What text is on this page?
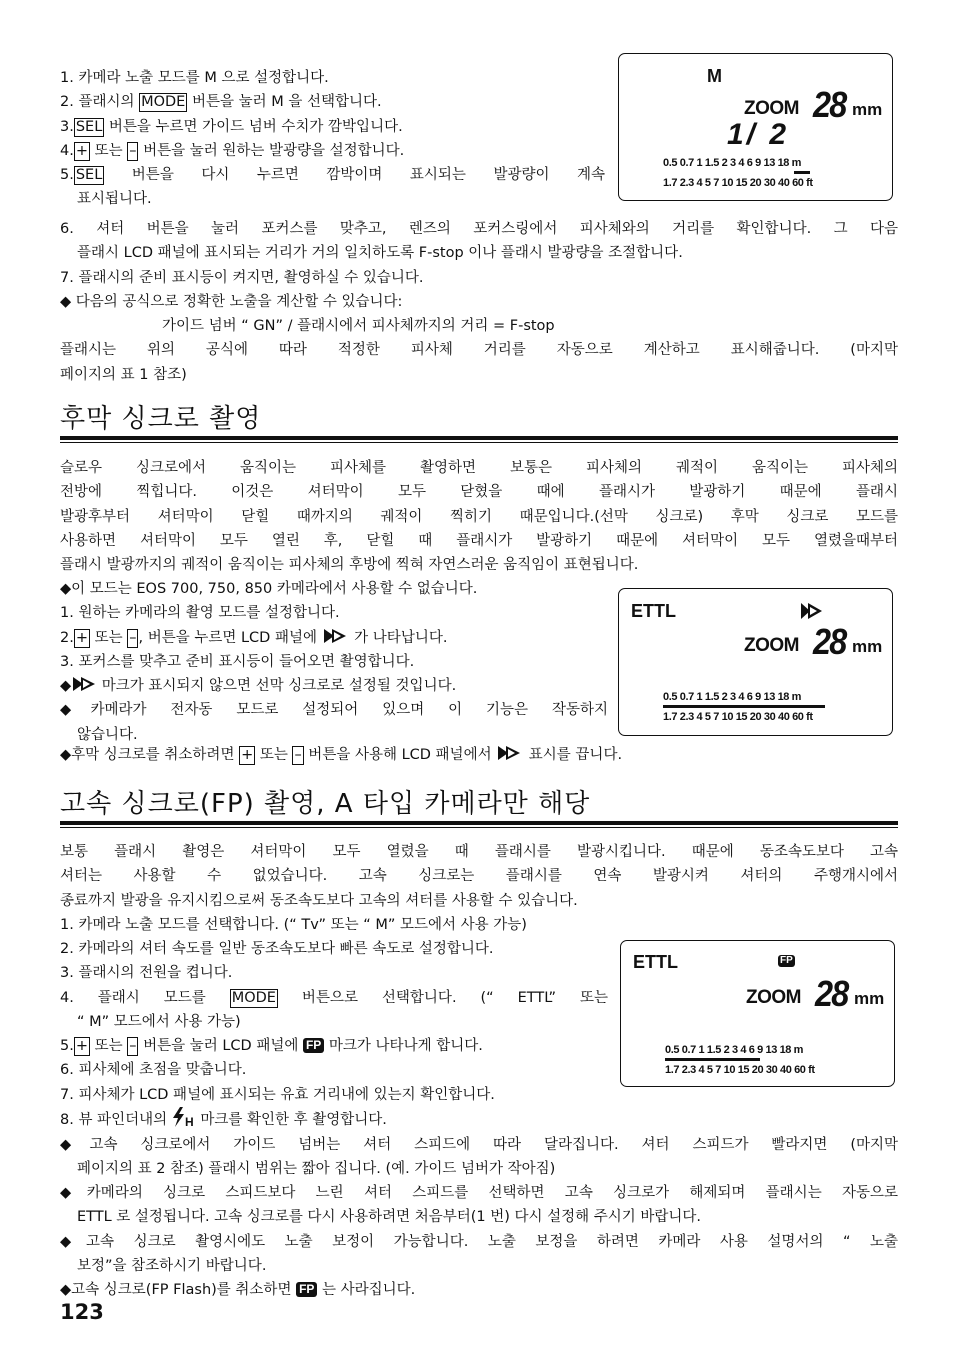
1. 카메라 노출 모드를 M 으로 설정합니다.

2. 플래시의 MODE 버튼을 눌러 M 을 선택합니다.

3. SEL 버튼을 누르면 가이드 넘버 수치가 깜박입니다.

4. + 또는 – 버튼을 눌러 원하는 발광량을 설정합니다.

5. SEL 버튼을 다시 누르면 깜박이며 표시되는 발광량이 계속

표시됩니다.

6. 셔터 버튼을 눌러 포커스를 맞추고, 렌즈의 포커스링에서 피사체와의 거리를 확인합니다. 그 다음

플래시 LCD 패널에 표시되는 거리가 거의 일치하도록 F-stop 이나 플래시 발광량을 조절합니다.

7. 플래시의 준비 표시등이 켜지면, 촬영하실 수 있습니다.

◆ 다음의 공식으로 정확한 노출을 계산할 수 있습니다:

가이드 넘버 “ GN” / 플래시에서 피사체까지의 거리 = F-stop

플래시는 위의 공식에 따라 적정한 피사체 거리를 자동으로 계산하고 표시해줍니다. (마지막

페이지의 표 1 참조)

M
ZOOM 28 mm
1/ 2
0.5 0.7 1 1.5 2 3 4 6 9 13 18 m
1.7 2.3 4 5 7 10 15 20 30 40 60 ft
후막 싱크로 촬영

슬로우 싱크로에서 움직이는 피사체를 촬영하면 보통은 피사체의 궤적이 움직이는 피사체의

전방에 찍힙니다. 이것은 셔터막이 모두 닫혔을 때에 플래시가 발광하기 때문에 플래시

발광후부터 셔터막이 닫힐 때까지의 궤적이 찍히기 때문입니다.(선막 싱크로) 후막 싱크로 모드를

사용하면 셔터막이 모두 열린 후, 닫힐 때 플래시가 발광하기 때문에 셔터막이 모두 열렸을때부터

플래시 발광까지의 궤적이 움직이는 피사체의 후방에 찍혀 자연스러운 움직임이 표현됩니다.

◆이 모드는 EOS 700, 750, 850 카메라에서 사용할 수 없습니다.

1. 원하는 카메라의 촬영 모드를 설정합니다.

2. + 또는 – , 버튼을 누르면 LCD 패널에  가 나타납니다.

3. 포커스를 맞추고 준비 표시등이 들어오면 촬영합니다.

◆ 마크가 표시되지 않으면 선막 싱크로로 설정될 것입니다.

◆카메라가 전자동 모드로 설정되어 있으며 이 기능은 작동하지

않습니다.

◆후막 싱크로를 취소하려면 + 또는 – 버튼을 사용해 LCD 패널에서  표시를 끕니다.

ETTL
ZOOM 28 mm
0.5 0.7 1 1.5 2 3 4 6 9 13 18 m
1.7 2.3 4 5 7 10 15 20 30 40 60 ft
고속 싱크로(FP) 촬영, A 타입 카메라만 해당

보통 플래시 촬영은 셔터막이 모두 열렸을 때 플래시를 발광시킵니다. 때문에 동조속도보다 고속

셔터는 사용할 수 없었습니다. 고속 싱크로는 플래시를 연속 발광시켜 셔터의 주행개시에서

종료까지 발광을 유지시킴으로써 동조속도보다 고속의 셔터를 사용할 수 있습니다.

1. 카메라 노출 모드를 선택합니다. (“ Tv” 또는 “ M” 모드에서 사용 가능)

2. 카메라의 셔터 속도를 일반 동조속도보다 빠른 속도로 설정합니다.

3. 플래시의 전원을 켭니다.

4. 플래시 모드를 MODE 버튼으로 선택합니다. (“ ETTL” 또는

“ M” 모드에서 사용 가능)

5. + 또는 – 버튼을 눌러 LCD 패널에 FP 마크가 나타나게 합니다.

6. 피사체에 초점을 맞춥니다.

7. 피사체가 LCD 패널에 표시되는 유효 거리내에 있는지 확인합니다.

8. 뷰 파인더내의 H 마크를 확인한 후 촬영합니다.

◆고속 싱크로에서 가이드 넘버는 셔터 스피드에 따라 달라집니다. 셔터 스피드가 빨라지면 (마지막

페이지의 표 2 참조) 플래시 범위는 짧아 집니다. (예. 가이드 넘버가 작아짐)

◆카메라의 싱크로 스피드보다 느린 셔터 스피드를 선택하면 고속 싱크로가 해제되며 플래시는 자동으로

ETTL 로 설정됩니다. 고속 싱크로를 다시 사용하려면 처음부터(1 번) 다시 설정해 주시기 바랍니다.

◆고속 싱크로 촬영시에도 노출 보정이 가능합니다. 노출 보정을 하려면 카메라 사용 설명서의 “ 노출

보정”을 참조하시기 바랍니다.

◆고속 싱크로(FP Flash)를 취소하면 FP 는 사라집니다.

ETTL	FP
ZOOM 28 mm
0.5 0.7 1 1.5 2 3 4 6 9 13 18 m
1.7 2.3 4 5 7 10 15 20 30 40 60 ft
123
